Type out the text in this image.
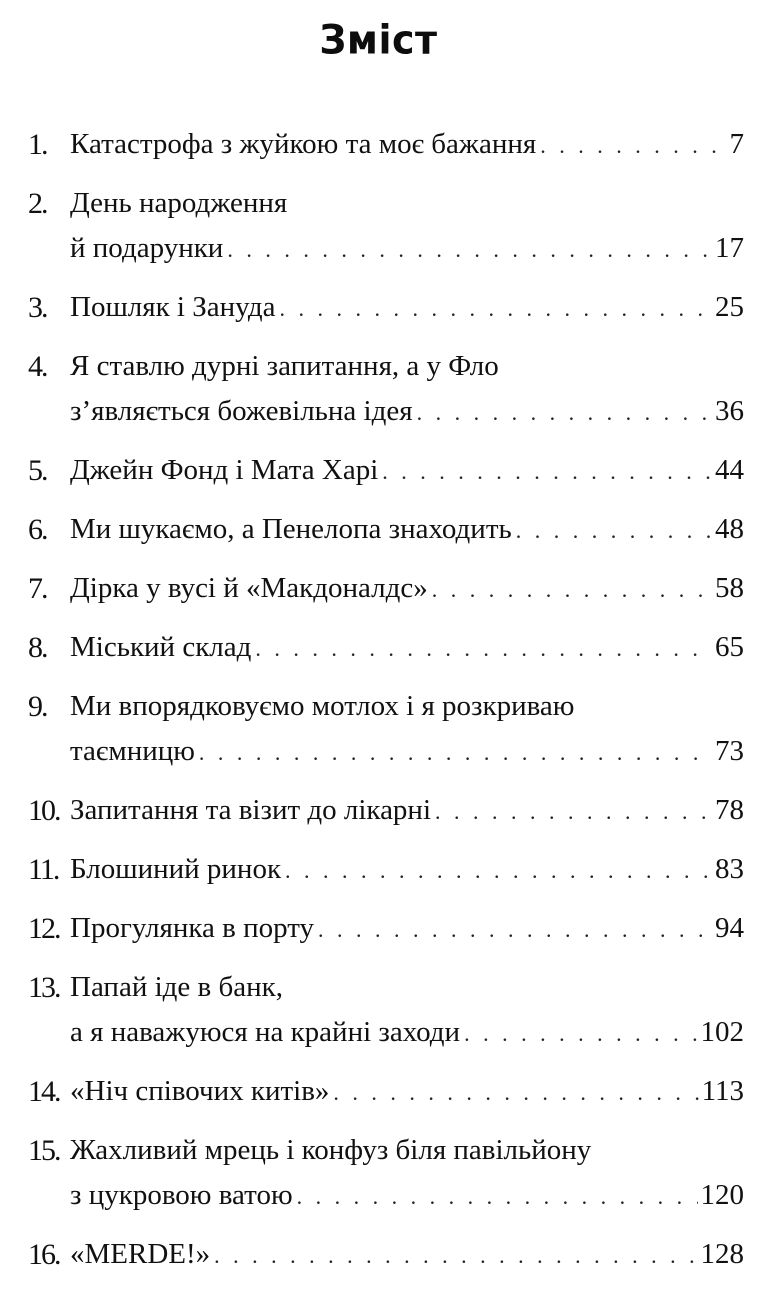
Зміст
1. Катастрофа з жуйкою та моє бажання . . .	7
2. День народження
й подарунки . . .	17
3. Пошляк і Зануда . . .	25
4. Я ставлю дурні запитання, а у Фло
з’являється божевільна ідея . . .	36
5. Джейн Фонд і Мата Харі . . .	44
6. Ми шукаємо, а Пенелопа знаходить . . .	48
7. Дірка у вусі й «Макдоналдс» . . .	58
8. Міський склад . . .	65
9. Ми впорядковуємо мотлох і я розкриваю
таємницю . . .	73
10. Запитання та візит до лікарні . . .	78
11. Блошиний ринок . . .	83
12. Прогулянка в порту . . .	94
13. Папай іде в банк,
а я наважуюся на крайні заходи . . .	102
14. «Ніч співочих китів» . . .	113
15. Жахливий мрець і конфуз біля павільйону
з цукровою ватою . . .	120
16. «MERDE!» . . .	128
